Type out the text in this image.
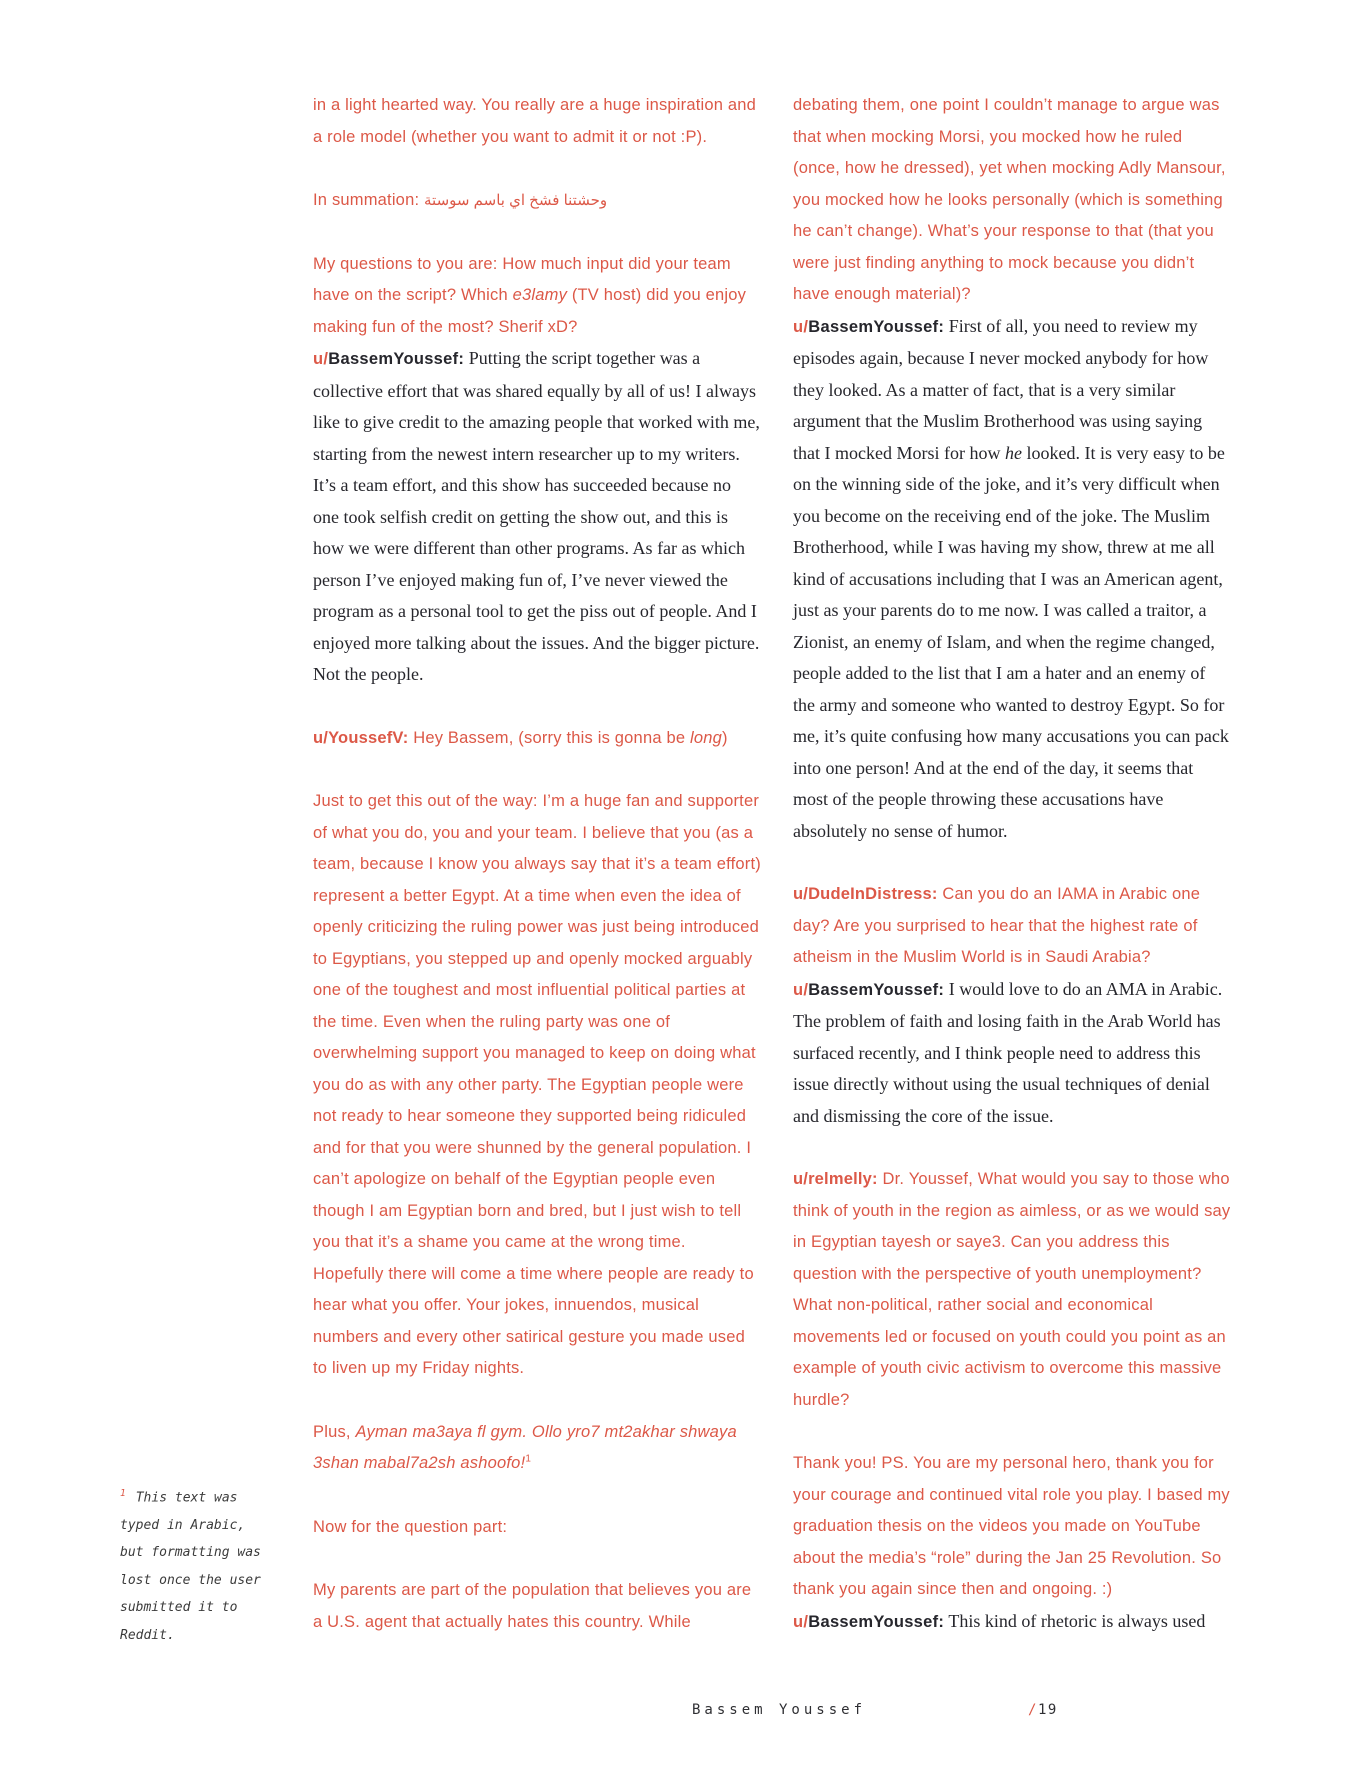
in a light hearted way. You really are a huge inspiration and a role model (whether you want to admit it or not :P).

In summation: ةتسوس مساب يا خشف انتشحو

My questions to you are: How much input did your team have on the script? Which e3lamy (TV host) did you enjoy making fun of the most? Sherif xD?

u/BassemYoussef: Putting the script together was a collective effort that was shared equally by all of us! I always like to give credit to the amazing people that worked with me, starting from the newest intern researcher up to my writers. It’s a team effort, and this show has succeeded because no one took selfish credit on getting the show out, and this is how we were different than other programs. As far as which person I’ve enjoyed making fun of, I’ve never viewed the program as a personal tool to get the piss out of people. And I enjoyed more talking about the issues. And the bigger picture. Not the people.

u/YoussefV: Hey Bassem, (sorry this is gonna be long)

Just to get this out of the way: I’m a huge fan and supporter of what you do, you and your team. I believe that you (as a team, because I know you always say that it’s a team effort) represent a better Egypt. At a time when even the idea of openly criticizing the ruling power was just being introduced to Egyptians, you stepped up and openly mocked arguably one of the toughest and most influential political parties at the time. Even when the ruling party was one of overwhelming support you managed to keep on doing what you do as with any other party. The Egyptian people were not ready to hear someone they supported being ridiculed and for that you were shunned by the general population. I can’t apologize on behalf of the Egyptian people even though I am Egyptian born and bred, but I just wish to tell you that it’s a shame you came at the wrong time. Hopefully there will come a time where people are ready to hear what you offer. Your jokes, innuendos, musical numbers and every other satirical gesture you made used to liven up my Friday nights.

Plus, Ayman ma3aya fl gym. Ollo yro7 mt2akhar shwaya 3shan mabal7a2sh ashoofo!$^1$

Now for the question part:

My parents are part of the population that believes you are a U.S. agent that actually hates this country. While

debating them, one point I couldn’t manage to argue was that when mocking Morsi, you mocked how he ruled (once, how he dressed), yet when mocking Adly Mansour, you mocked how he looks personally (which is something he can’t change). What’s your response to that (that you were just finding anything to mock because you didn’t have enough material)?

u/BassemYoussef: First of all, you need to review my episodes again, because I never mocked anybody for how they looked. As a matter of fact, that is a very similar argument that the Muslim Brotherhood was using saying that I mocked Morsi for how he looked. It is very easy to be on the winning side of the joke, and it’s very difficult when you become on the receiving end of the joke. The Muslim Brotherhood, while I was having my show, threw at me all kind of accusations including that I was an American agent, just as your parents do to me now. I was called a traitor, a Zionist, an enemy of Islam, and when the regime changed, people added to the list that I am a hater and an enemy of the army and someone who wanted to destroy Egypt. So for me, it’s quite confusing how many accusations you can pack into one person! And at the end of the day, it seems that most of the people throwing these accusations have absolutely no sense of humor.

u/DudeInDistress: Can you do an IAMA in Arabic one day? Are you surprised to hear that the highest rate of atheism in the Muslim World is in Saudi Arabia?

u/BassemYoussef: I would love to do an AMA in Arabic. The problem of faith and losing faith in the Arab World has surfaced recently, and I think people need to address this issue directly without using the usual techniques of denial and dismissing the core of the issue.

u/relmelly: Dr. Youssef, What would you say to those who think of youth in the region as aimless, or as we would say in Egyptian tayesh or saye3. Can you address this question with the perspective of youth unemployment? What non-political, rather social and economical movements led or focused on youth could you point as an example of youth civic activism to overcome this massive hurdle?

Thank you! PS. You are my personal hero, thank you for your courage and continued vital role you play. I based my graduation thesis on the videos you made on YouTube about the media’s “role” during the Jan 25 Revolution. So thank you again since then and ongoing. :)

u/BassemYoussef: This kind of rhetoric is always used

$^1$ This text was
typed in Arabic,
but formatting was
lost once the user
submitted it to
Reddit.
Bassem Youssef	/19
